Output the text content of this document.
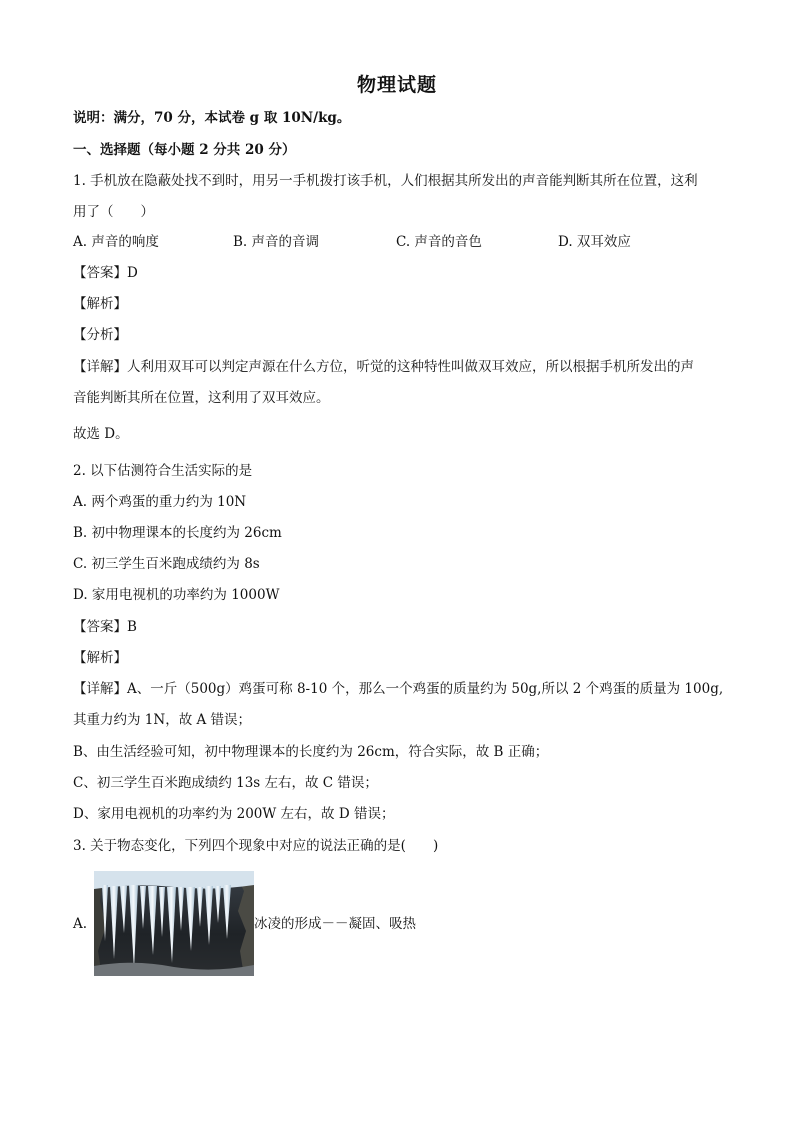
物理试题
说明：满分，70 分，本试卷 g 取 10N/kg。
一、选择题（每小题 2 分共 20 分）
1. 手机放在隐蔽处找不到时，用另一手机拨打该手机，人们根据其所发出的声音能判断其所在位置，这利
用了（　　）
A. 声音的响度	B. 声音的音调	C. 声音的音色	D. 双耳效应
【答案】D
【解析】
【分析】
【详解】人利用双耳可以判定声源在什么方位，听觉的这种特性叫做双耳效应，所以根据手机所发出的声
音能判断其所在位置，这利用了双耳效应。
故选 D。
2. 以下估测符合生活实际的是
A. 两个鸡蛋的重力约为 10N
B. 初中物理课本的长度约为 26cm
C. 初三学生百米跑成绩约为 8s
D. 家用电视机的功率约为 1000W
【答案】B
【解析】
【详解】A、一斤（500g）鸡蛋可称 8-10 个，那么一个鸡蛋的质量约为 50g,所以 2 个鸡蛋的质量为 100g,
其重力约为 1N，故 A 错误；
B、由生活经验可知，初中物理课本的长度约为 26cm，符合实际，故 B 正确；
C、初三学生百米跑成绩约 13s 左右，故 C 错误；
D、家用电视机的功率约为 200W 左右，故 D 错误；
3. 关于物态变化，下列四个现象中对应的说法正确的是(　　)
A.	冰凌的形成－－凝固、吸热
